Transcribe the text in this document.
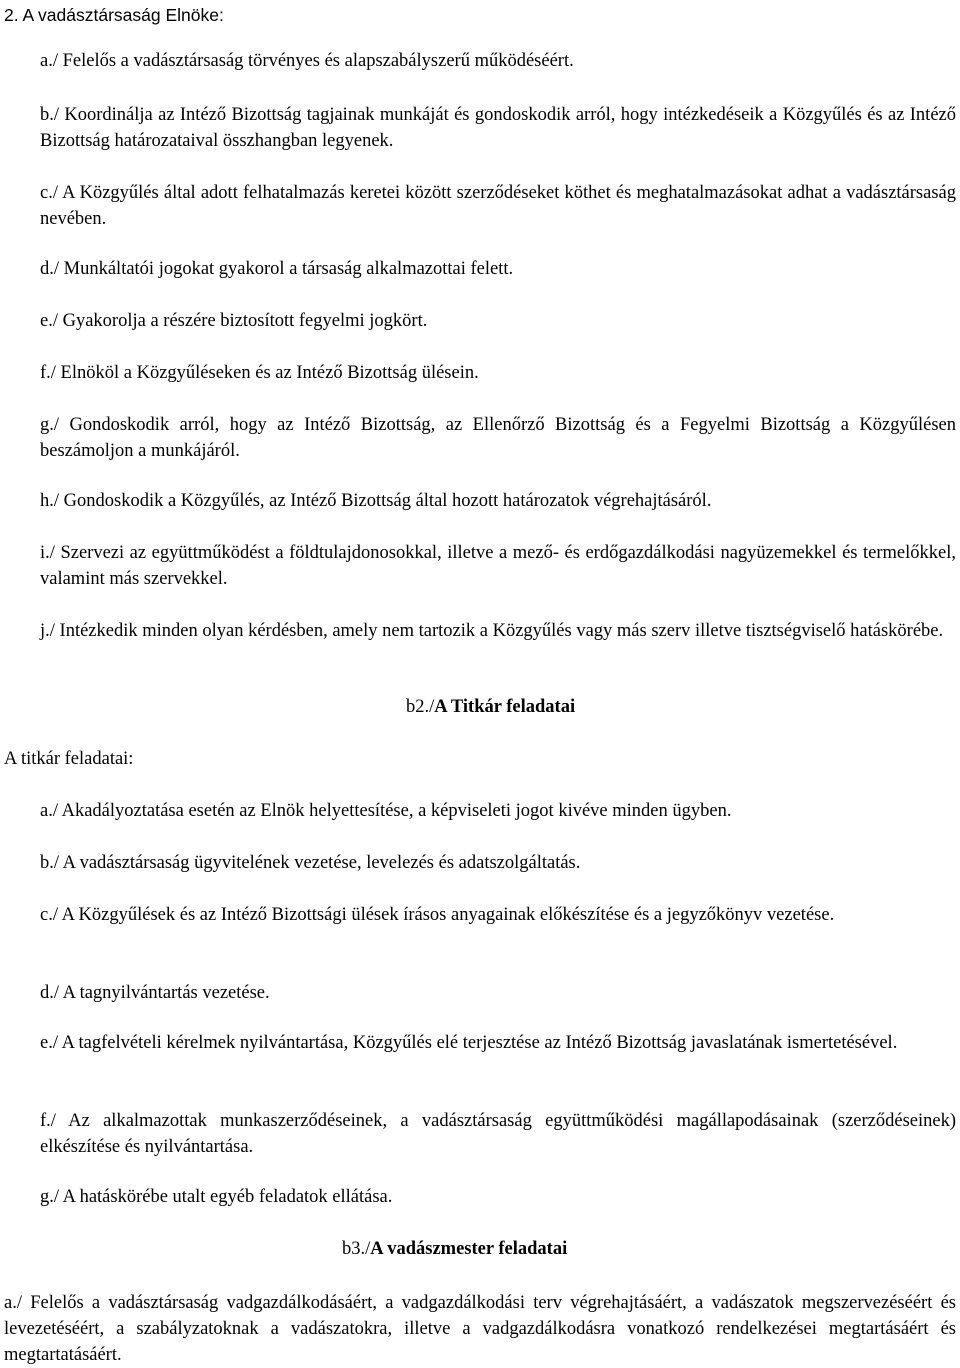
2. A vadásztársaság Elnöke:

a./ Felelős a vadásztársaság törvényes és alapszabályszerű működéséért.

b./ Koordinálja az Intéző Bizottság tagjainak munkáját és gondoskodik arról, hogy intézkedéseik a Közgyűlés és az Intéző Bizottság határozataival összhangban legyenek.

c./ A Közgyűlés által adott felhatalmazás keretei között szerződéseket köthet és meghatalmazásokat adhat a vadásztársaság nevében.

d./ Munkáltatói jogokat gyakorol a társaság alkalmazottai felett.

e./ Gyakorolja a részére biztosított fegyelmi jogkört.

f./ Elnököl a Közgyűléseken és az Intéző Bizottság ülésein.

g./ Gondoskodik arról, hogy az Intéző Bizottság, az Ellenőrző Bizottság és a Fegyelmi Bizottság a Közgyűlésen beszámoljon a munkájáról.

h./ Gondoskodik a Közgyűlés, az Intéző Bizottság által hozott határozatok végrehajtásáról.

i./ Szervezi az együttműködést a földtulajdonosokkal, illetve a mező- és erdőgazdálkodási nagyüzemekkel és termelőkkel, valamint más szervekkel.

j./ Intézkedik minden olyan kérdésben, amely nem tartozik a Közgyűlés vagy más szerv illetve tisztségviselő hatáskörébe.

b2./A Titkár feladatai

A titkár feladatai:

a./ Akadályoztatása esetén az Elnök helyettesítése, a képviseleti jogot kivéve minden ügyben.

b./ A vadásztársaság ügyvitelének vezetése, levelezés és adatszolgáltatás.

c./ A Közgyűlések és az Intéző Bizottsági ülések írásos anyagainak előkészítése és a jegyzőkönyv vezetése.

d./ A tagnyilvántartás vezetése.

e./ A tagfelvételi kérelmek nyilvántartása, Közgyűlés elé terjesztése az Intéző Bizottság javaslatának ismertetésével.

f./ Az alkalmazottak munkaszerződéseinek, a vadásztársaság együttműködési magállapodásainak (szerződéseinek) elkészítése és nyilvántartása.

g./ A hatáskörébe utalt egyéb feladatok ellátása.

b3./A vadászmester feladatai

a./ Felelős a vadásztársaság vadgazdálkodásáért, a vadgazdálkodási terv végrehajtásáért, a vadászatok megszervezéséért és levezetéséért, a szabályzatoknak a vadászatokra, illetve a vadgazdálkodásra vonatkozó rendelkezései megtartásáért és megtartatásáért.
